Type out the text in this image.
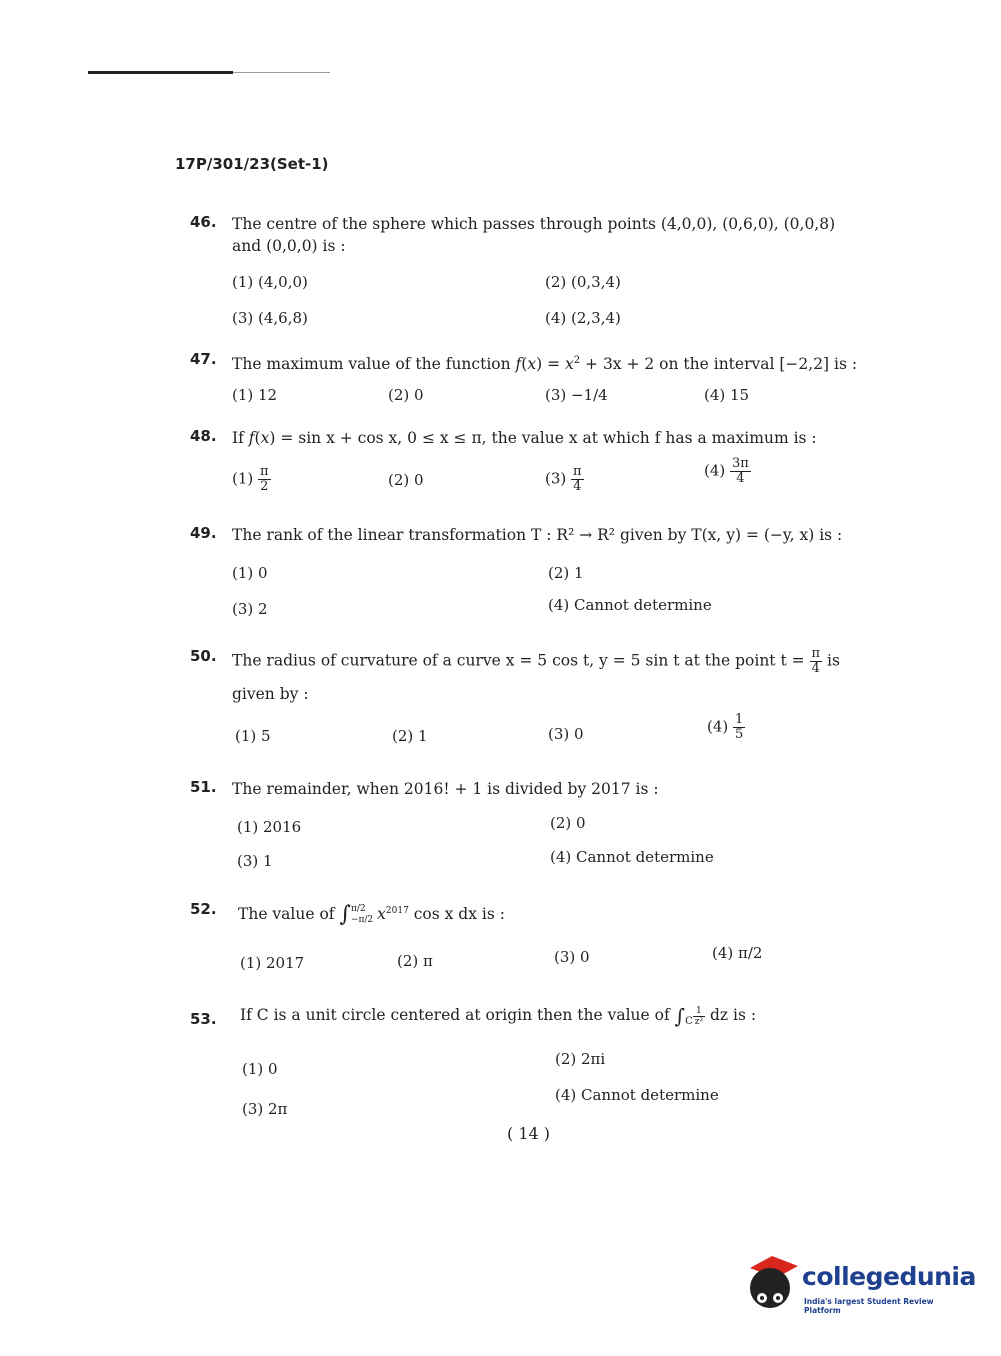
17P/301/23(Set-1)
46. The centre of the sphere which passes through points (4,0,0), (0,6,0), (0,0,8) and (0,0,0) is :
(1) (4,0,0)	(2) (0,3,4)
(3) (4,6,8)	(4) (2,3,4)
47. The maximum value of the function $f(x) = x^2 + 3x + 2$ on the interval [−2,2] is :
(1) 12	(2) 0	(3) −1/4	(4) 15
48. If f(x) = sin x + cos x, 0 ≤ x ≤ π, the value x at which f has a maximum is :
$(1) \frac{\pi}{2}$	(2) 0	$(3) \frac{\pi}{4}$	$(4) \frac{3\pi}{4}$
49. The rank of the linear transformation T : R² → R² given by T(x, y) = (−y, x) is :
(1) 0	(2) 1
(3) 2	(4) Cannot determine
50. The radius of curvature of a curve x = 5 cos t, y = 5 sin t at the point $t = \frac{\pi}{4}$ is
given by :
(1) 5	(2) 1	(3) 0	$(4) \frac{1}{5}$
51. The remainder, when 2016! + 1 is divided by 2017 is :
(1) 2016	(2) 0
(3) 1	(4) Cannot determine
52. The value of ∫ π/2
−π/2 $x^{2017}$ cos x dx is :
(1) 2017	(2) π	(3) 0	(4) π/2
53. If C is a unit circle centered at origin then the value of $\int_C \frac{1}{\text{z²}}$ dz is :
(1) 0
(2) 2πi
(3) 2π
(4) Cannot determine
( 14 )
collegedunia
India's largest Student Review Platform
